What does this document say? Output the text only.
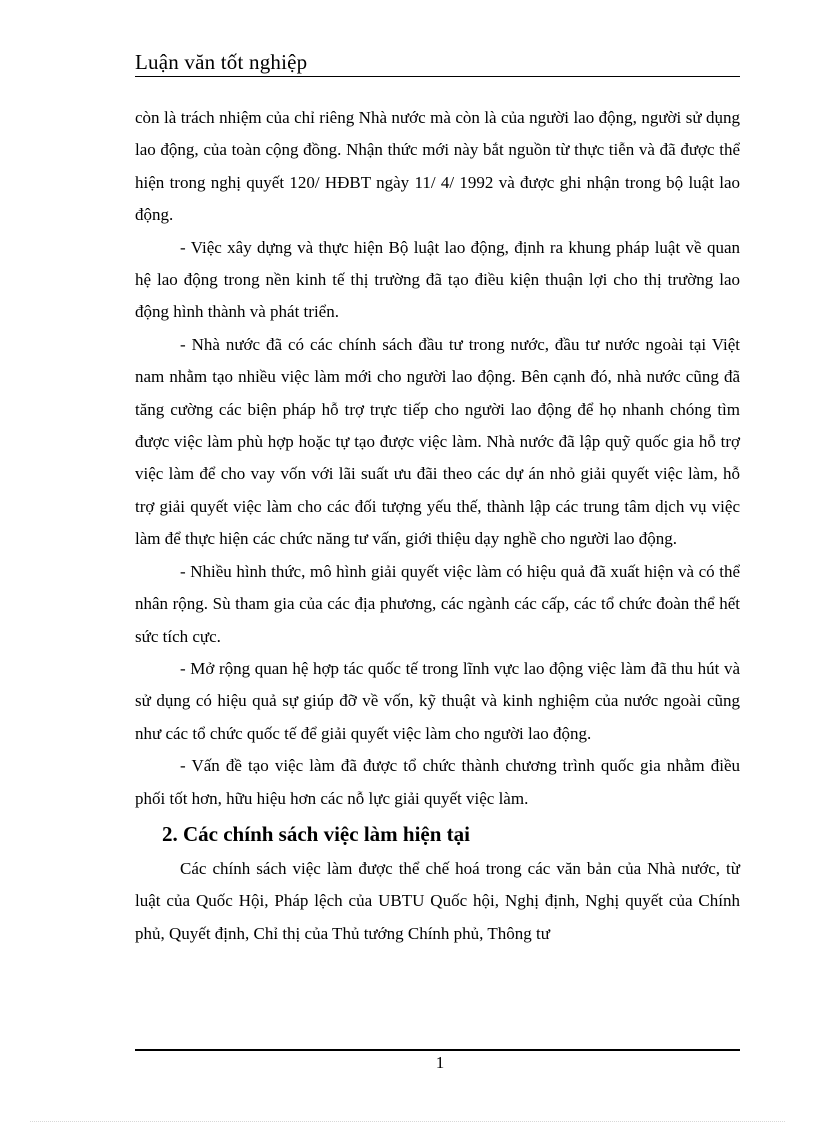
Luận văn tốt nghiệp

còn là trách nhiệm của chỉ riêng Nhà nước mà còn là của người lao động, người sử dụng lao động, của toàn cộng đồng. Nhận thức mới này bắt nguồn từ thực tiễn và đã được thể hiện trong nghị quyết 120/ HĐBT ngày 11/ 4/ 1992 và được ghi nhận trong bộ luật lao động.

- Việc xây dựng và thực hiện Bộ luật lao động, định ra khung pháp luật về quan hệ lao động trong nền kinh tế thị trường đã tạo điều kiện thuận lợi cho thị trường lao động hình thành và phát triển.

- Nhà nước đã có các chính sách đầu tư trong nước, đầu tư nước ngoài tại Việt nam nhằm tạo nhiều việc làm mới cho người lao động. Bên cạnh đó, nhà nước cũng đã tăng cường các biện pháp hỗ trợ trực tiếp cho người lao động để họ nhanh chóng tìm được việc làm phù hợp hoặc tự tạo được việc làm. Nhà nước đã lập quỹ quốc gia hỗ trợ việc làm để cho vay vốn với lãi suất ưu đãi theo các dự án nhỏ giải quyết việc làm, hỗ trợ giải quyết việc làm cho các đối tượng yếu thế, thành lập các trung tâm dịch vụ việc làm để thực hiện các chức năng tư vấn, giới thiệu dạy nghề cho người lao động.

- Nhiều hình thức, mô hình giải quyết việc làm có hiệu quả đã xuất hiện và có thể nhân rộng. Sù tham gia của các địa phương, các ngành các cấp, các tổ chức đoàn thể hết sức tích cực.

- Mở rộng quan hệ hợp tác quốc tế trong lĩnh vực lao động việc làm đã thu hút và sử dụng có hiệu quả sự giúp đỡ về vốn, kỹ thuật và kinh nghiệm của nước ngoài cũng như các tổ chức quốc tế để giải quyết việc làm cho người lao động.

- Vấn đề tạo việc làm đã được tổ chức thành chương trình quốc gia nhằm điều phối tốt hơn, hữu hiệu hơn các nỗ lực giải quyết việc làm.

2. Các chính sách việc làm hiện tại

Các chính sách việc làm được thể chế hoá trong các văn bản của Nhà nước, từ luật của Quốc Hội, Pháp lệch của UBTU Quốc hội, Nghị định, Nghị quyết của Chính phủ, Quyết định, Chỉ thị của Thủ tướng Chính phủ, Thông tư

1
